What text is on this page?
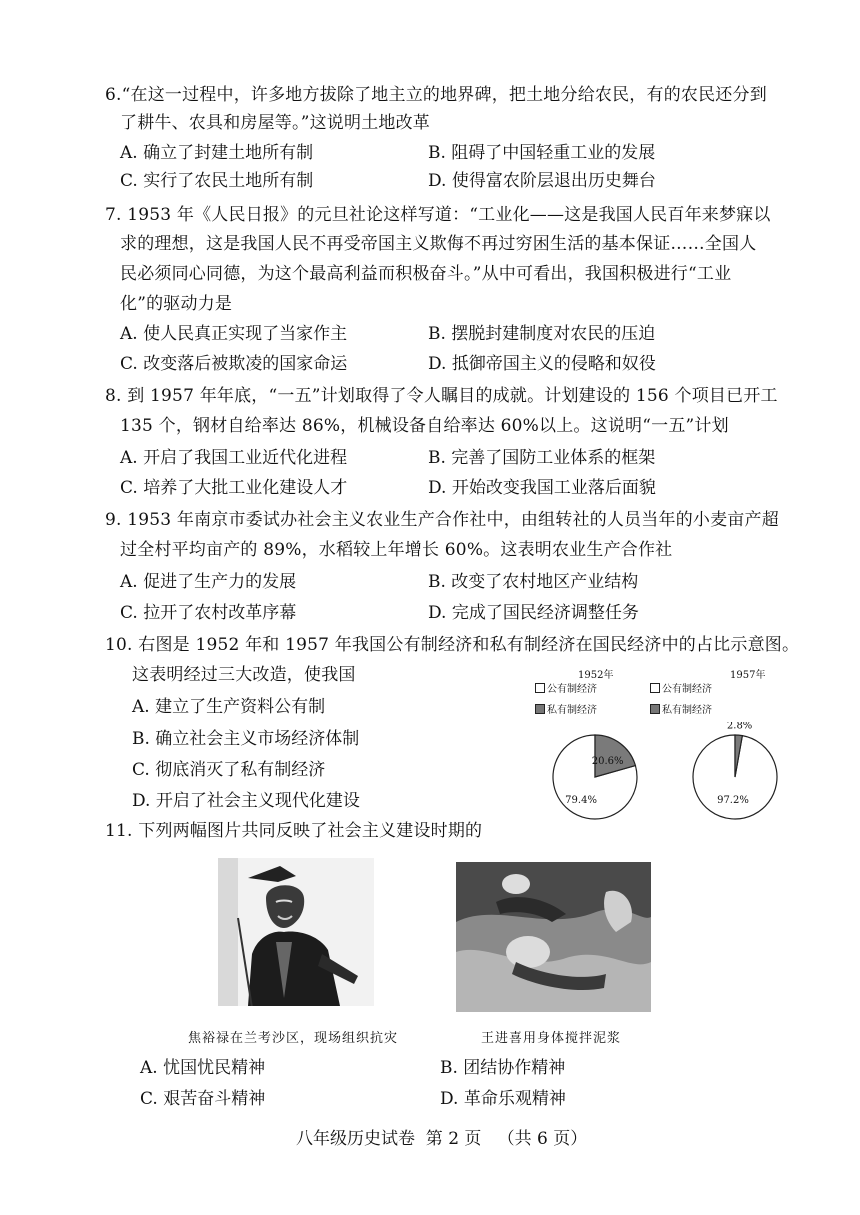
6.“在这一过程中，许多地方拔除了地主立的地界碑，把土地分给农民，有的农民还分到
了耕牛、农具和房屋等。”这说明土地改革
A. 确立了封建土地所有制	B. 阻碍了中国轻重工业的发展
C. 实行了农民土地所有制	D. 使得富农阶层退出历史舞台
7. 1953 年《人民日报》的元旦社论这样写道：“工业化——这是我国人民百年来梦寐以
求的理想，这是我国人民不再受帝国主义欺侮不再过穷困生活的基本保证……全国人
民必须同心同德，为这个最高利益而积极奋斗。”从中可看出，我国积极进行“工业
化”的驱动力是
A. 使人民真正实现了当家作主	B. 摆脱封建制度对农民的压迫
C. 改变落后被欺凌的国家命运	D. 抵御帝国主义的侵略和奴役
8. 到 1957 年年底，“一五”计划取得了令人瞩目的成就。计划建设的 156 个项目已开工
135 个，钢材自给率达 86%，机械设备自给率达 60%以上。这说明“一五”计划
A. 开启了我国工业近代化进程	B. 完善了国防工业体系的框架
C. 培养了大批工业化建设人才	D. 开始改变我国工业落后面貌
9. 1953 年南京市委试办社会主义农业生产合作社中，由组转社的人员当年的小麦亩产超
过全村平均亩产的 89%，水稻较上年增长 60%。这表明农业生产合作社
A. 促进了生产力的发展	B. 改变了农村地区产业结构
C. 拉开了农村改革序幕	D. 完成了国民经济调整任务
10. 右图是 1952 年和 1957 年我国公有制经济和私有制经济在国民经济中的占比示意图。
这表明经过三大改造，使我国
A. 建立了生产资料公有制
B. 确立社会主义市场经济体制
C. 彻底消灭了私有制经济
D. 开启了社会主义现代化建设
1952年	1957年
公有制经济
私有制经济
公有制经济
私有制经济
79.4%
20.6%
97.2%
2.8%
11. 下列两幅图片共同反映了社会主义建设时期的
焦裕禄在兰考沙区，现场组织抗灾	王进喜用身体搅拌泥浆
A. 忧国忧民精神	B. 团结协作精神
C. 艰苦奋斗精神	D. 革命乐观精神
八年级历史试卷  第 2 页   （共 6 页）
